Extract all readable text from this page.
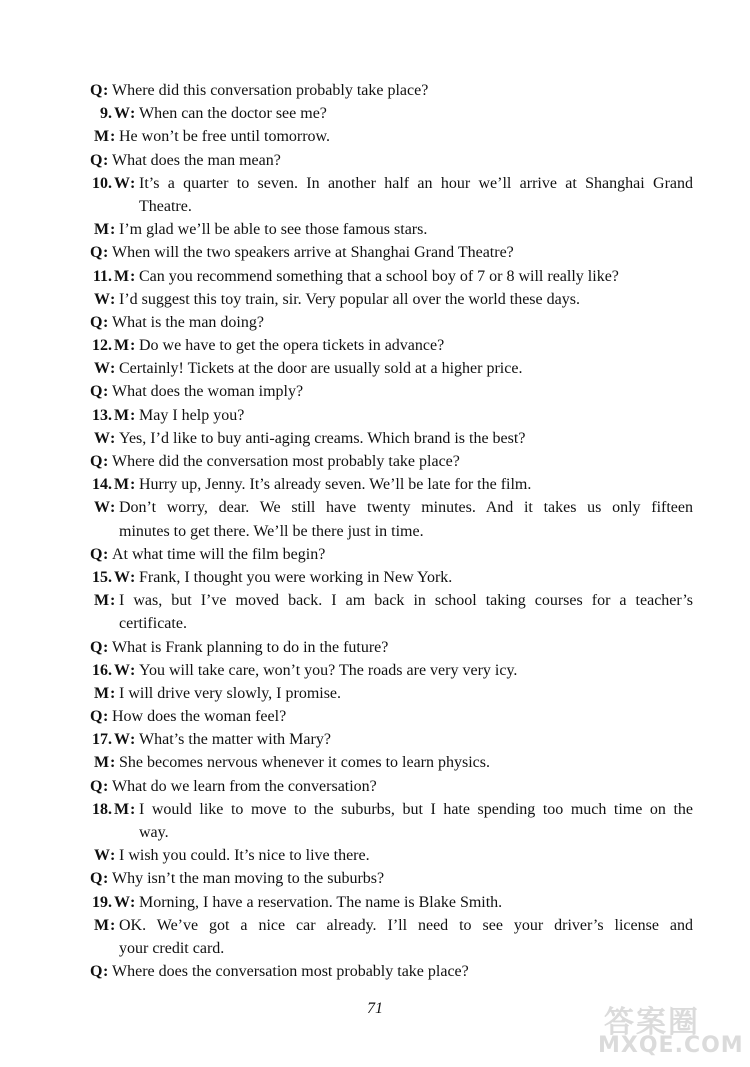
Q : Where did this conversation probably take place?
9. W : When can the doctor see me?
M : He won’t be free until tomorrow.
Q : What does the man mean?
10. W : It’s a quarter to seven. In another half an hour we’ll arrive at Shanghai Grand
Theatre.
M : I’m glad we’ll be able to see those famous stars.
Q : When will the two speakers arrive at Shanghai Grand Theatre?
11. M : Can you recommend something that a school boy of 7 or 8 will really like?
W : I’d suggest this toy train, sir. Very popular all over the world these days.
Q : What is the man doing?
12. M : Do we have to get the opera tickets in advance?
W : Certainly! Tickets at the door are usually sold at a higher price.
Q : What does the woman imply?
13. M : May I help you?
W : Yes, I’d like to buy anti-aging creams. Which brand is the best?
Q : Where did the conversation most probably take place?
14. M : Hurry up, Jenny. It’s already seven. We’ll be late for the film.
W : Don’t worry, dear. We still have twenty minutes. And it takes us only fifteen
minutes to get there. We’ll be there just in time.
Q : At what time will the film begin?
15. W : Frank, I thought you were working in New York.
M : I was, but I’ve moved back. I am back in school taking courses for a teacher’s
certificate.
Q : What is Frank planning to do in the future?
16. W : You will take care, won’t you? The roads are very very icy.
M : I will drive very slowly, I promise.
Q : How does the woman feel?
17. W : What’s the matter with Mary?
M : She becomes nervous whenever it comes to learn physics.
Q : What do we learn from the conversation?
18. M : I would like to move to the suburbs, but I hate spending too much time on the
way.
W : I wish you could. It’s nice to live there.
Q : Why isn’t the man moving to the suburbs?
19. W : Morning, I have a reservation. The name is Blake Smith.
M : OK. We’ve got a nice car already. I’ll need to see your driver’s license and
your credit card.
Q : Where does the conversation most probably take place?
71	答案圈
MXQE.COM
